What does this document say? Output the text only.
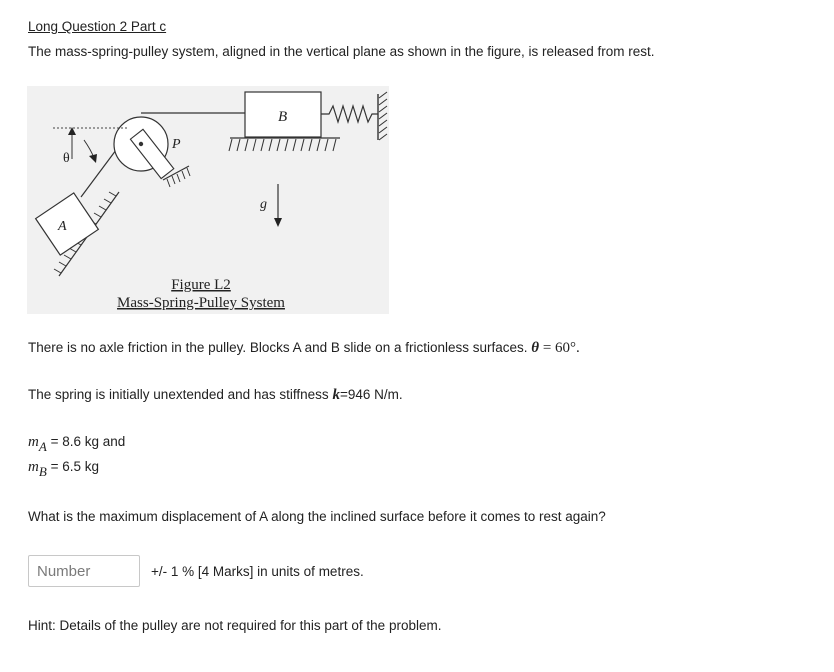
Long Question 2 Part c
The mass-spring-pulley system, aligned in the vertical plane as shown in the figure, is released from rest.
B
P
θ
A
g
Figure L2
Mass-Spring-Pulley System
There is no axle friction in the pulley. Blocks A and B slide on a frictionless surfaces. θ = 60°.
The spring is initially unextended and has stiffness k=946 N/m.
mA = 8.6 kg and
mB = 6.5 kg
What is the maximum displacement of A along the inclined surface before it comes to rest again?
Number
+/- 1 % [4 Marks] in units of metres.
Hint: Details of the pulley are not required for this part of the problem.
